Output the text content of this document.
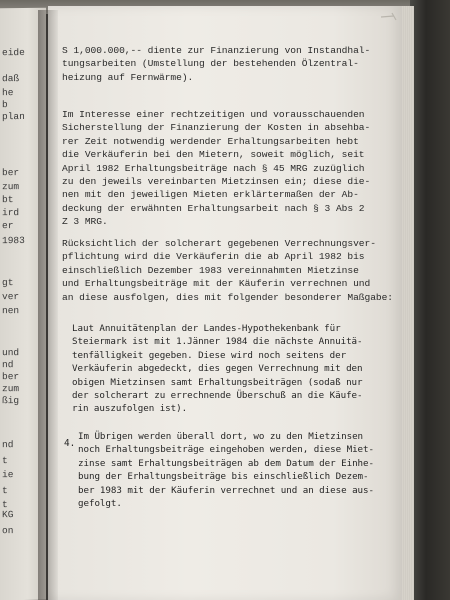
eide
daß
he
b
plan
ber
zum
bt
ird
er
1983
gt
ver
nen
und
nd
ber
zum
ßig
nd
t
ie
t
t
KG
on
S 1,000.000,-- diente zur Finanzierung von Instandhal-
tungsarbeiten (Umstellung der bestehenden Ölzentral-
heizung auf Fernwärme).
Im Interesse einer rechtzeitigen und vorausschauenden
Sicherstellung der Finanzierung der Kosten in absehba-
rer Zeit notwendig werdender Erhaltungsarbeiten hebt
die Verkäuferin bei den Mietern, soweit möglich, seit
April 1982 Erhaltungsbeiträge nach § 45 MRG zuzüglich
zu den jeweils vereinbarten Mietzinsen ein; diese die-
nen mit den jeweiligen Mieten erklärtermaßen der Ab-
deckung der erwähnten Erhaltungsarbeit nach § 3 Abs 2
Z 3 MRG.
Rücksichtlich der solcherart gegebenen Verrechnungsver-
pflichtung wird die Verkäuferin die ab April 1982 bis
einschließlich Dezember 1983 vereinnahmten Mietzinse
und Erhaltungsbeiträge mit der Käuferin verrechnen und
an diese ausfolgen, dies mit folgender besonderer Maßgabe:
Laut Annuitätenplan der Landes-Hypothekenbank für
Steiermark ist mit 1.Jänner 1984 die nächste Annuitä-
tenfälligkeit gegeben. Diese wird noch seitens der
Verkäuferin abgedeckt, dies gegen Verrechnung mit den
obigen Mietzinsen samt Erhaltungsbeiträgen (sodaß nur
der solcherart zu errechnende Überschuß an die Käufe-
rin auszufolgen ist).
4.
Im Übrigen werden überall dort, wo zu den Mietzinsen
noch Erhaltungsbeiträge eingehoben werden, diese Miet-
zinse samt Erhaltungsbeiträgen ab dem Datum der Einhe-
bung der Erhaltungsbeiträge bis einschließlich Dezem-
ber 1983 mit der Käuferin verrechnet und an diese aus-
gefolgt.
